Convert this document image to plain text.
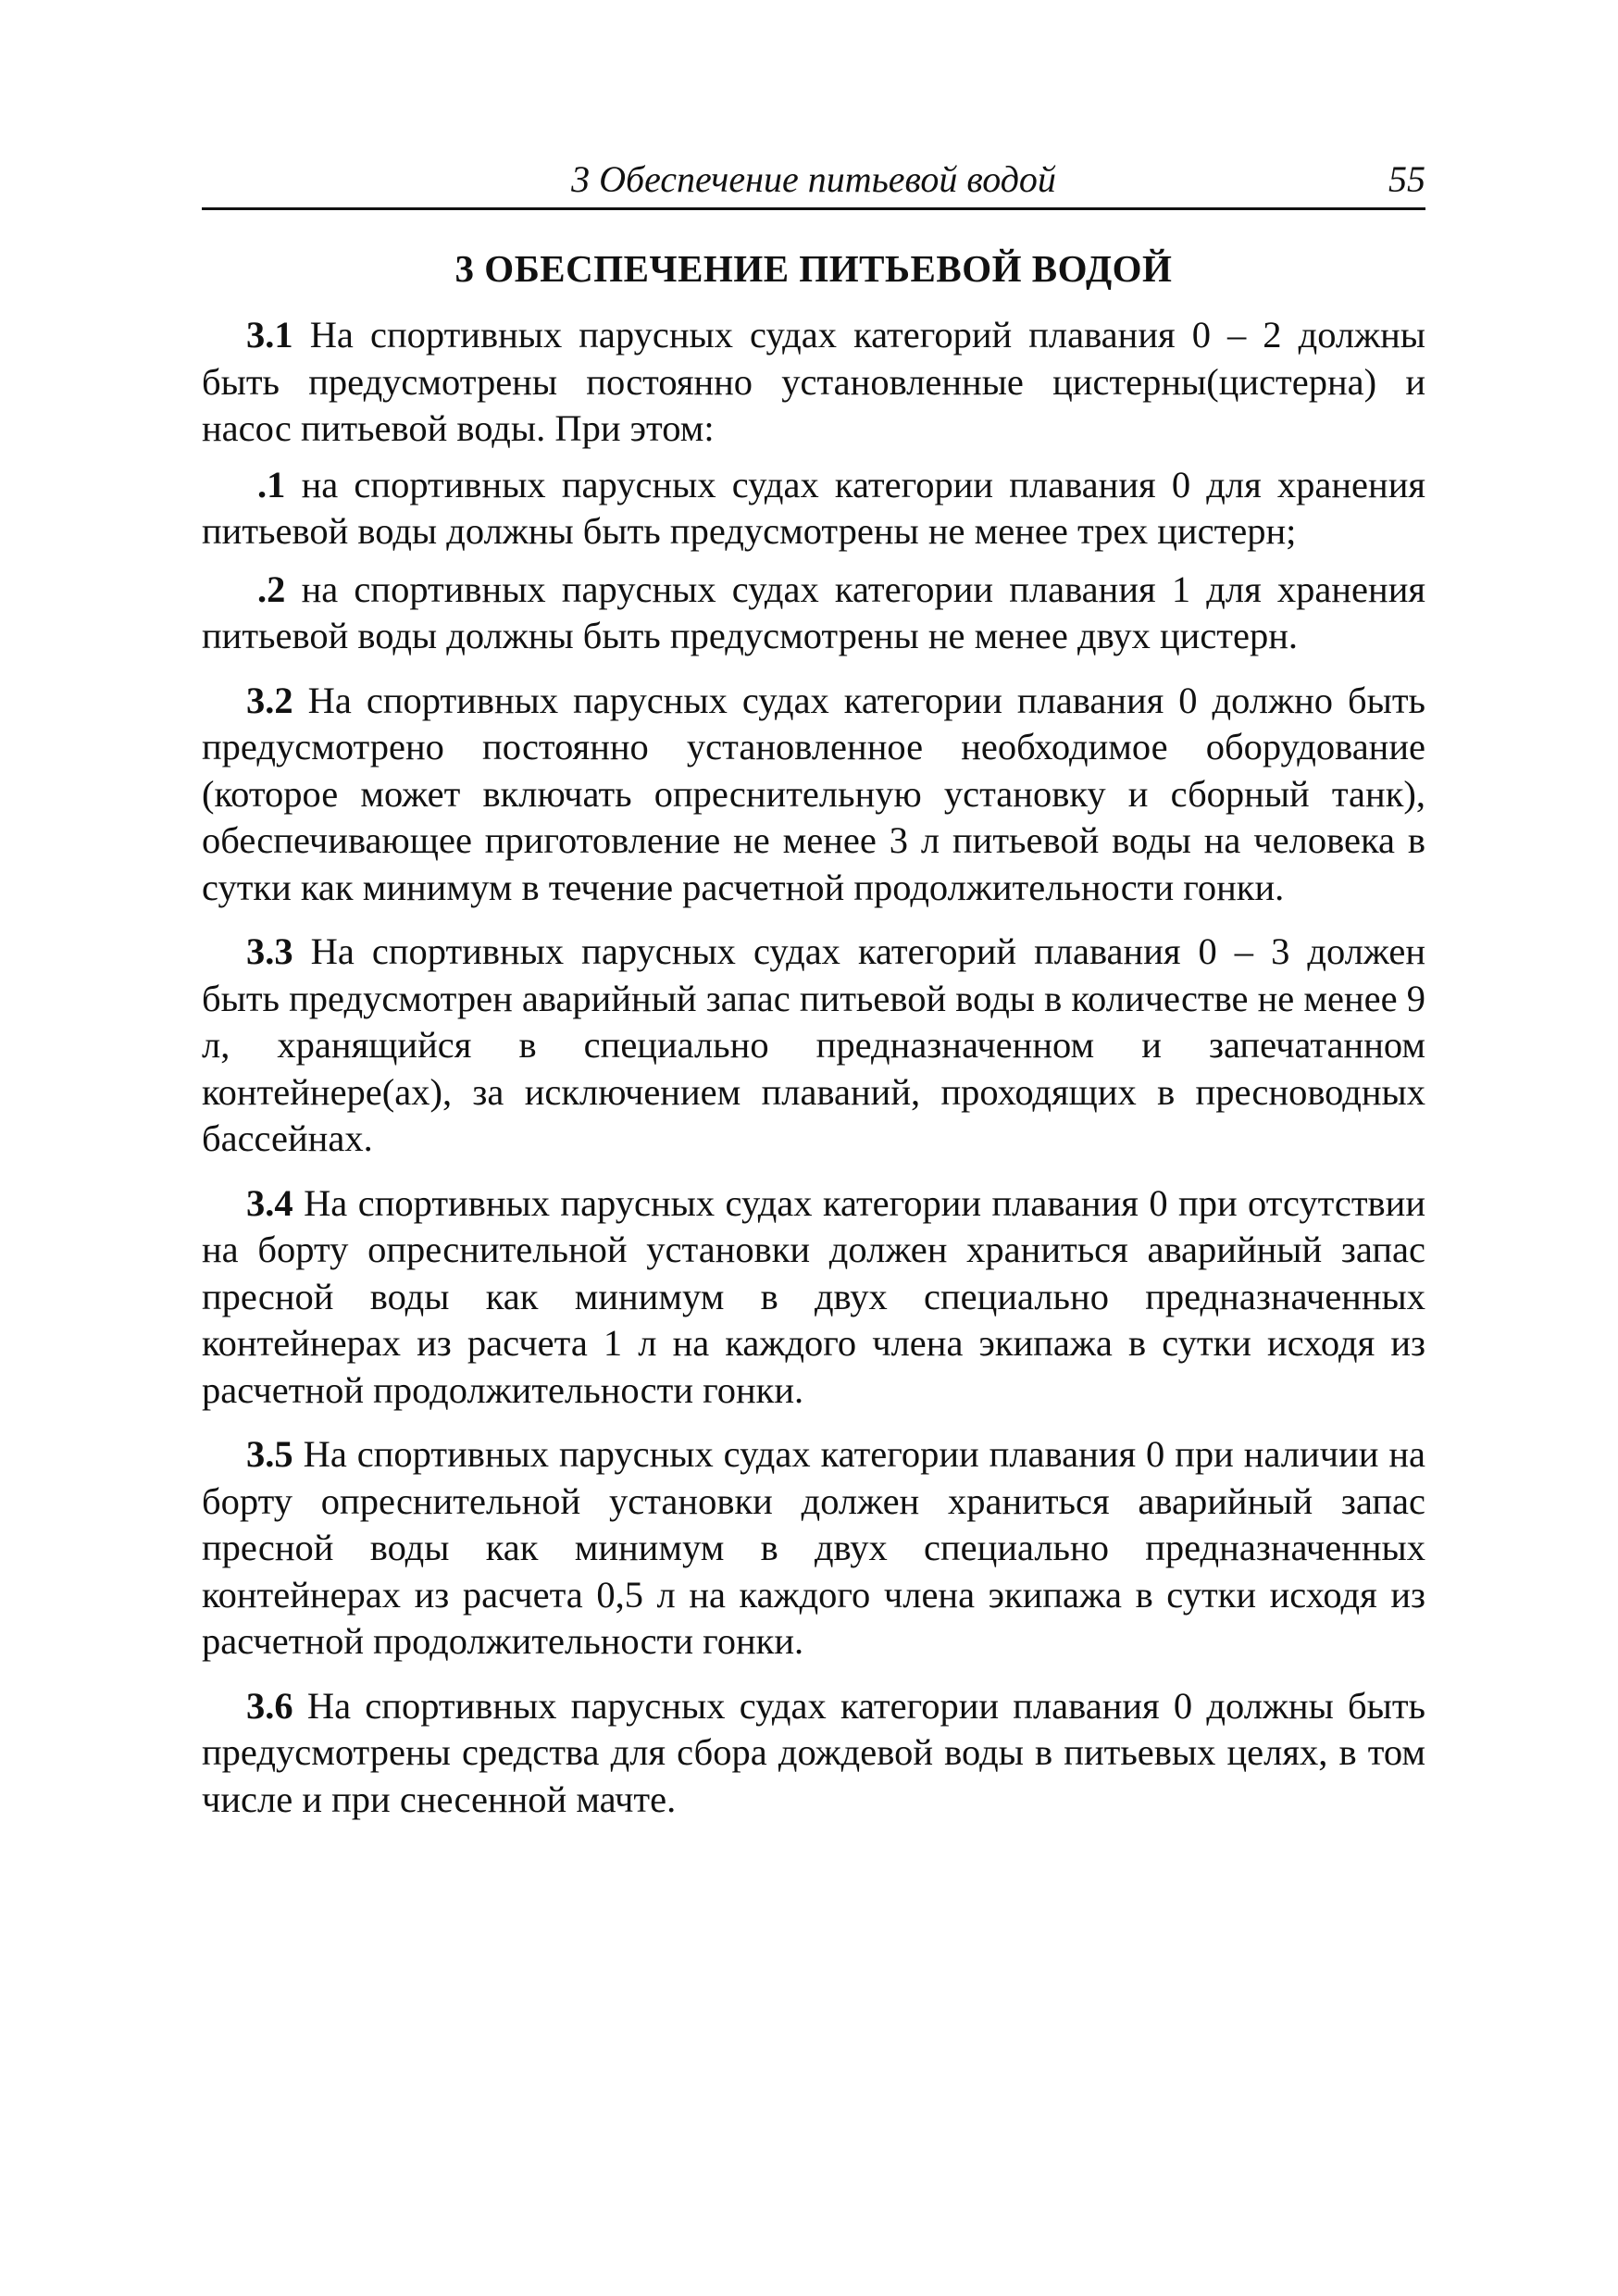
3 Обеспечение питьевой водой	55
3 ОБЕСПЕЧЕНИЕ ПИТЬЕВОЙ ВОДОЙ

3.1 На спортивных парусных судах категорий плавания 0 – 2 должны быть предусмотрены постоянно установленные цистерны(цистерна) и насос питьевой воды. При этом:

.1 на спортивных парусных судах категории плавания 0 для хранения питьевой воды должны быть предусмотрены не менее трех цистерн;

.2 на спортивных парусных судах категории плавания 1 для хранения питьевой воды должны быть предусмотрены не менее двух цистерн.

3.2 На спортивных парусных судах категории плавания 0 должно быть предусмотрено постоянно установленное необходимое оборудование (которое может включать опреснительную установку и сборный танк), обеспечивающее приготовление не менее 3 л питьевой воды на человека в сутки как минимум в течение расчетной продолжительности гонки.

3.3 На спортивных парусных судах категорий плавания 0 – 3 должен быть предусмотрен аварийный запас питьевой воды в количестве не менее 9 л, хранящийся в специально предназначенном и запечатанном контейнере(ах), за исключением плаваний, проходящих в пресноводных бассейнах.

3.4 На спортивных парусных судах категории плавания 0 при отсутствии на борту опреснительной установки должен храниться аварийный запас пресной воды как минимум в двух специально предназначенных контейнерах из расчета 1 л на каждого члена экипажа в сутки исходя из расчетной продолжительности гонки.

3.5 На спортивных парусных судах категории плавания 0 при наличии на борту опреснительной установки должен храниться аварийный запас пресной воды как минимум в двух специально предназначенных контейнерах из расчета 0,5 л на каждого члена экипажа в сутки исходя из расчетной продолжительности гонки.

3.6 На спортивных парусных судах категории плавания 0 должны быть предусмотрены средства для сбора дождевой воды в питьевых целях, в том числе и при снесенной мачте.
